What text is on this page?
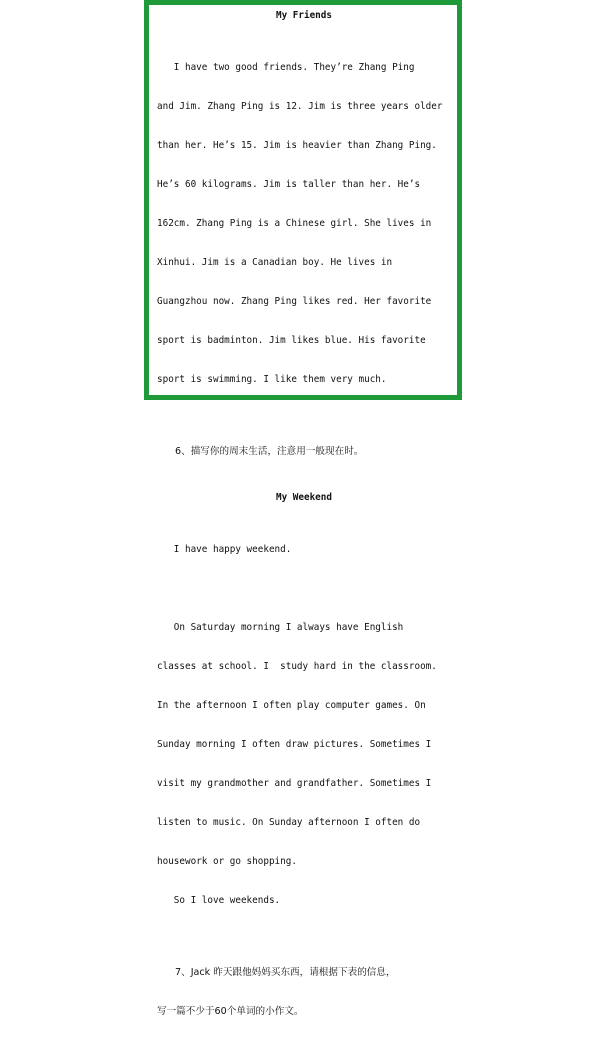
My Friends

I have two good friends. They’re Zhang Ping

and Jim. Zhang Ping is 12. Jim is three years older

than her. He’s 15. Jim is heavier than Zhang Ping.

He’s 60 kilograms. Jim is taller than her. He’s

162cm. Zhang Ping is a Chinese girl. She lives in

Xinhui. Jim is a Canadian boy. He lives in

Guangzhou now. Zhang Ping likes red. Her favorite

sport is badminton. Jim likes blue. His favorite

sport is swimming. I like them very much.

6、描写你的周末生活，注意用一般现在时。

My Weekend

I have happy weekend.

On Saturday morning I always have English

classes at school. I  study hard in the classroom.

In the afternoon I often play computer games. On

Sunday morning I often draw pictures. Sometimes I

visit my grandmother and grandfather. Sometimes I

listen to music. On Sunday afternoon I often do

housework or go shopping.

So I love weekends.

7、Jack 昨天跟他妈妈买东西，请根据下表的信息，

写一篇不少于60个单词的小作文。
